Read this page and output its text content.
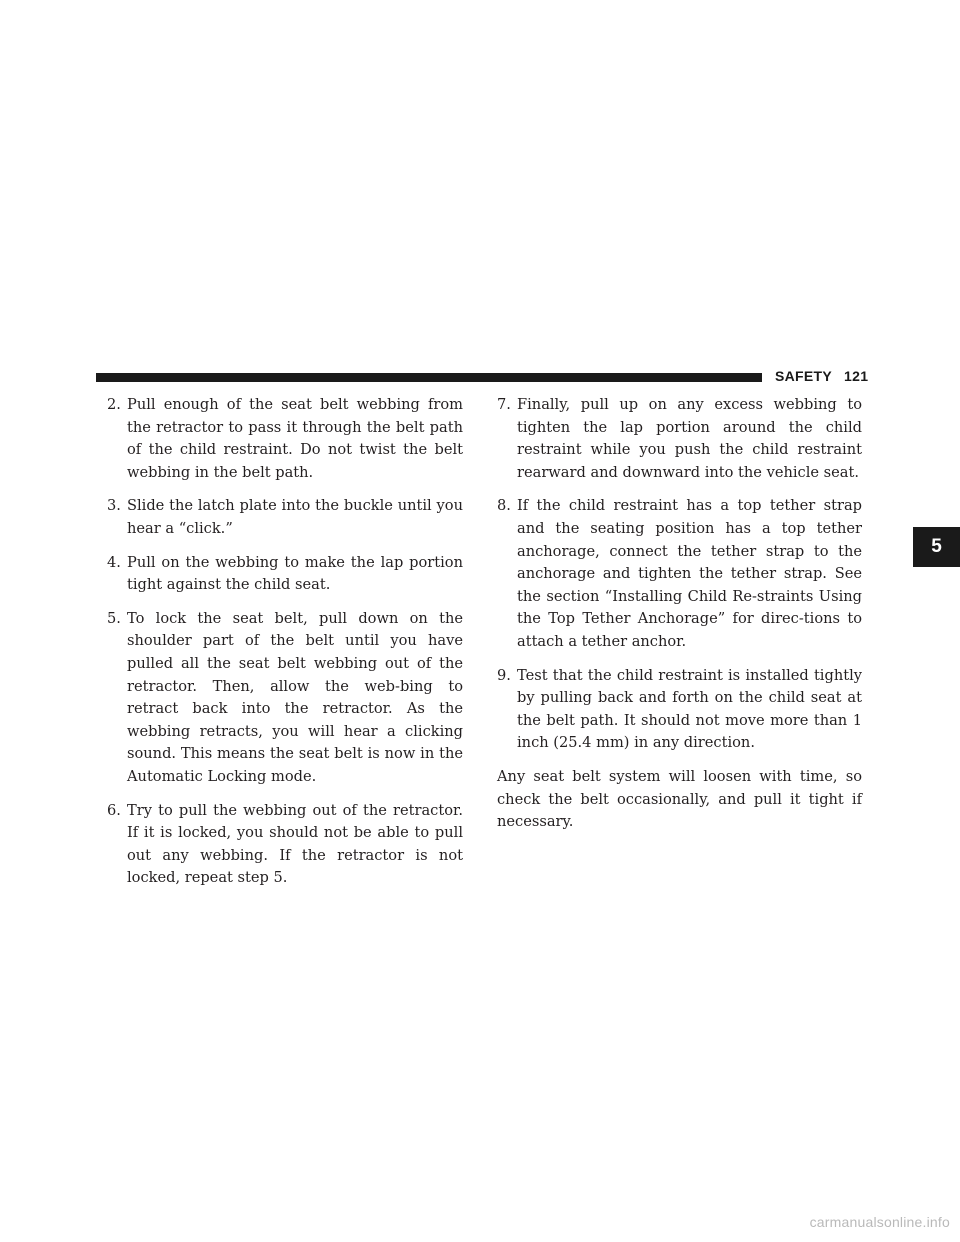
SAFETY 121
5
2. Pull enough of the seat belt webbing from the retractor to pass it through the belt path of the child restraint. Do not twist the belt webbing in the belt path.
3. Slide the latch plate into the buckle until you hear a “click.”
4. Pull on the webbing to make the lap portion tight against the child seat.
5. To lock the seat belt, pull down on the shoulder part of the belt until you have pulled all the seat belt webbing out of the retractor. Then, allow the web-bing to retract back into the retractor. As the webbing retracts, you will hear a clicking sound. This means the seat belt is now in the Automatic Locking mode.
6. Try to pull the webbing out of the retractor. If it is locked, you should not be able to pull out any webbing. If the retractor is not locked, repeat step 5.
7. Finally, pull up on any excess webbing to tighten the lap portion around the child restraint while you push the child restraint rearward and downward into the vehicle seat.
8. If the child restraint has a top tether strap and the seating position has a top tether anchorage, connect the tether strap to the anchorage and tighten the tether strap. See the section “Installing Child Re-straints Using the Top Tether Anchorage” for direc-tions to attach a tether anchor.
9. Test that the child restraint is installed tightly by pulling back and forth on the child seat at the belt path. It should not move more than 1 inch (25.4 mm) in any direction.

Any seat belt system will loosen with time, so check the belt occasionally, and pull it tight if necessary.

carmanualsonline.info
